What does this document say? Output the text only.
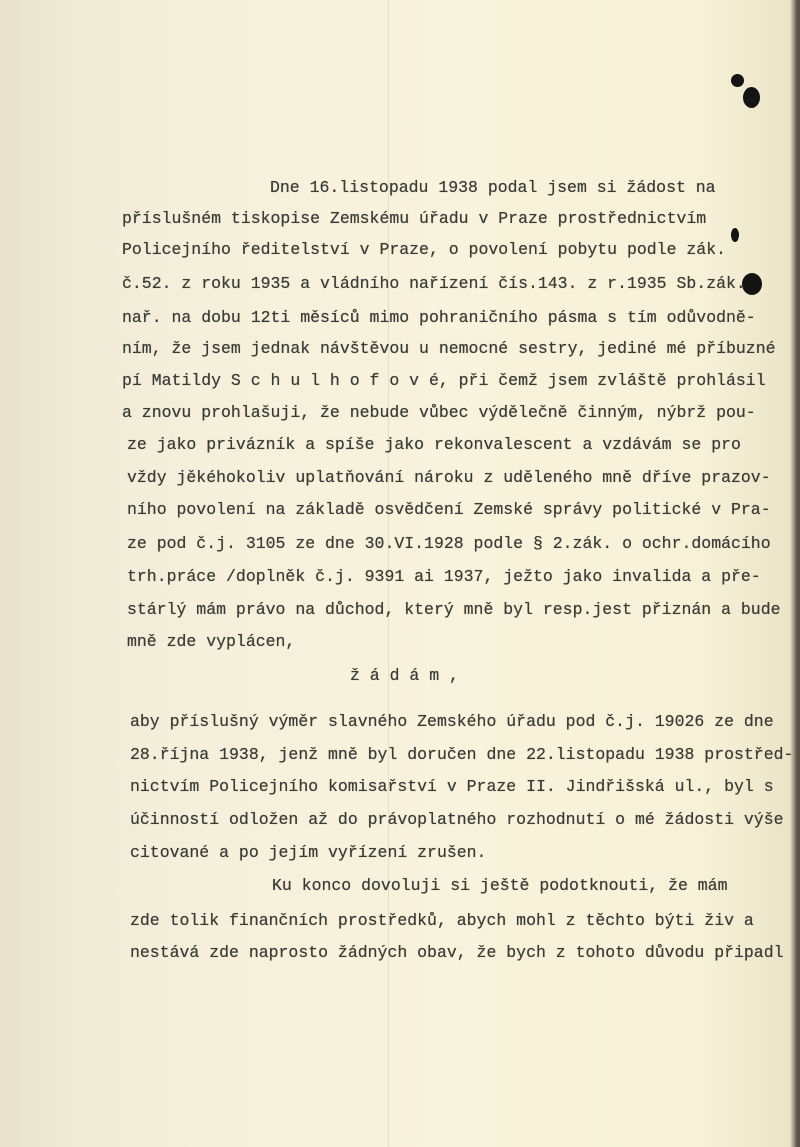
Dne 16.listopadu 1938 podal jsem si žádost na
příslušném tiskopise Zemskému úřadu v Praze prostřednictvím
Policejního ředitelství v Praze, o povolení pobytu podle zák.
č.52. z roku 1935 a vládního nařízení čís.143. z r.1935 Sb.zák.
nař. na dobu 12ti měsíců mimo pohraničního pásma s tím odůvodně-
ním, že jsem jednak návštěvou u nemocné sestry, jediné mé příbuzné
pí Matildy S c h u l h o f o v é, při čemž jsem zvláště prohlásil
a znovu prohlašuji, že nebude vůbec výdělečně činným, nýbrž pou-
ze jako privázník a spíše jako rekonvalescent a vzdávám se pro
vždy jěkéhokoliv uplatňování nároku z uděleného mně dříve prazov-
ního povolení na základě osvědčení Zemské správy politické v Pra-
ze pod č.j. 3105 ze dne 30.VI.1928 podle § 2.zák. o ochr.domácího
trh.práce /doplněk č.j. 9391 ai 1937, ježto jako invalida a pře-
stárlý mám právo na důchod, který mně byl resp.jest přiznán a bude
mně zde vyplácen,
ž á d á m ,
aby příslušný výměr slavného Zemského úřadu pod č.j. 19026 ze dne
28.října 1938, jenž mně byl doručen dne 22.listopadu 1938 prostřed-
nictvím Policejního komisařství v Praze II. Jindřišská ul., byl s
účinností odložen až do právoplatného rozhodnutí o mé žádosti výše
citované a po jejím vyřízení zrušen.
Ku konco dovoluji si ještě podotknouti, že mám
zde tolik finančních prostředků, abych mohl z těchto býti živ a
nestává zde naprosto žádných obav, že bych z tohoto důvodu připadl
